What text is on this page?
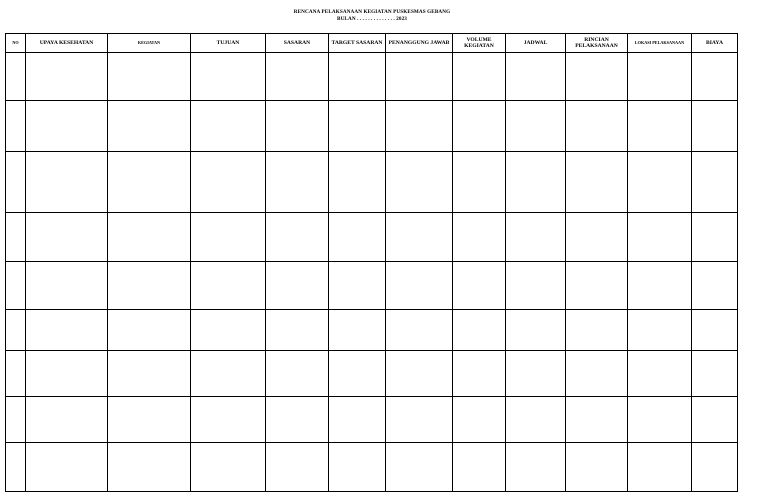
RENCANA PELAKSANAAN KEGIATAN PUSKESMAS GEBANG
BULAN . . . . . . . . . . . . . . 2023
NO	UPAYA KESEHATAN	KEGIATAN	TUJUAN	SASARAN	TARGET SASARAN	PENANGGUNG JAWAB	VOLUME KEGIATAN	JADWAL	RINCIAN PELAKSANAAN	LOKASI PELAKSANAAN	BIAYA
